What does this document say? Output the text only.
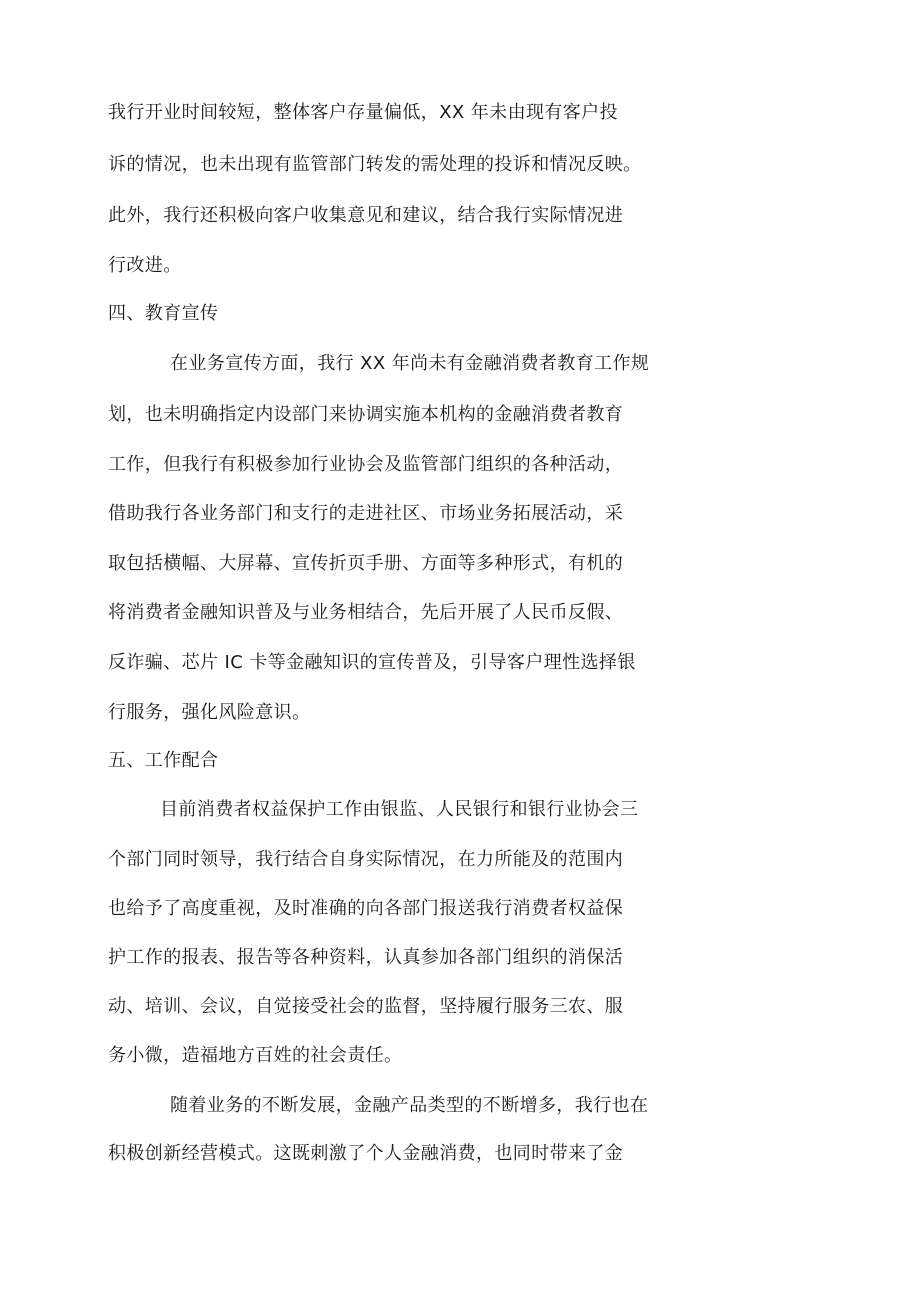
我行开业时间较短，整体客户存量偏低，XX 年未由现有客户投
诉的情况，也未出现有监管部门转发的需处理的投诉和情况反映。
此外，我行还积极向客户收集意见和建议，结合我行实际情况进
行改进。
四、教育宣传
在业务宣传方面，我行 XX 年尚未有金融消费者教育工作规
划，也未明确指定内设部门来协调实施本机构的金融消费者教育
工作，但我行有积极参加行业协会及监管部门组织的各种活动，
借助我行各业务部门和支行的走进社区、市场业务拓展活动，采
取包括横幅、大屏幕、宣传折页手册、方面等多种形式，有机的
将消费者金融知识普及与业务相结合，先后开展了人民币反假、
反诈骗、芯片 IC 卡等金融知识的宣传普及，引导客户理性选择银
行服务，强化风险意识。
五、工作配合
目前消费者权益保护工作由银监、人民银行和银行业协会三
个部门同时领导，我行结合自身实际情况，在力所能及的范围内
也给予了高度重视，及时准确的向各部门报送我行消费者权益保
护工作的报表、报告等各种资料，认真参加各部门组织的消保活
动、培训、会议，自觉接受社会的监督，坚持履行服务三农、服
务小微，造福地方百姓的社会责任。
随着业务的不断发展，金融产品类型的不断增多，我行也在
积极创新经营模式。这既刺激了个人金融消费，也同时带来了金
